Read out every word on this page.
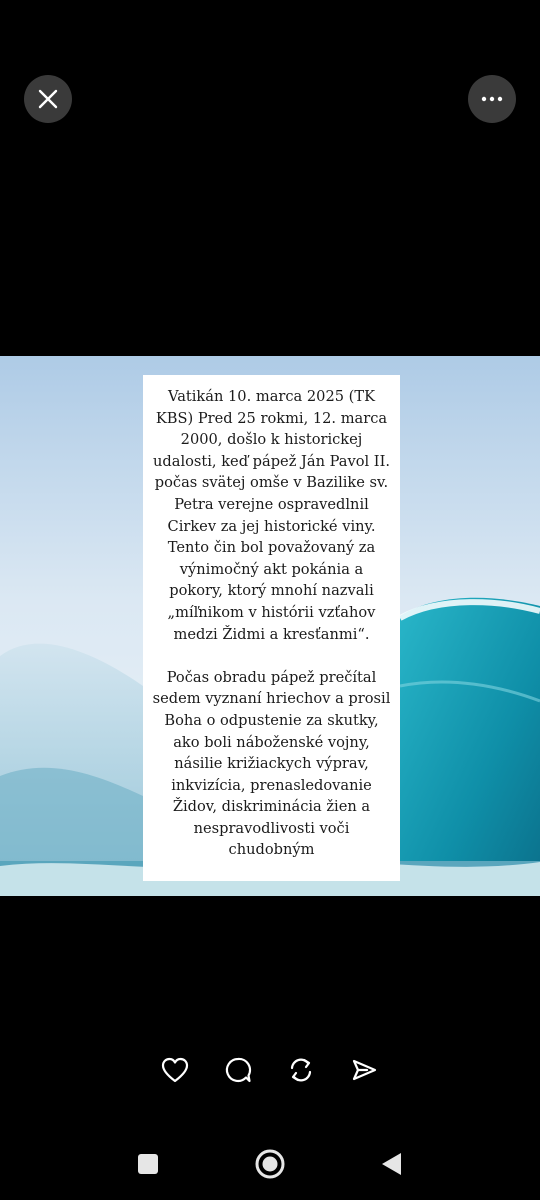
Vatikán 10. marca 2025 (TK KBS) Pred 25 rokmi, 12. marca 2000, došlo k historickej udalosti, keď pápež Ján Pavol II. počas svätej omše v Bazilike sv. Petra verejne ospravedlnil Cirkev za jej historické viny. Tento čin bol považovaný za výnimočný akt pokánia a pokory, ktorý mnohí nazvali „míľnikom v histórii vzťahov medzi Židmi a kresťanmi“.

Počas obradu pápež prečítal sedem vyznaní hriechov a prosil Boha o odpustenie za skutky, ako boli náboženské vojny, násilie križiackych výprav, inkvizícia, prenasledovanie Židov, diskriminácia žien a nespravodlivosti voči chudobným
